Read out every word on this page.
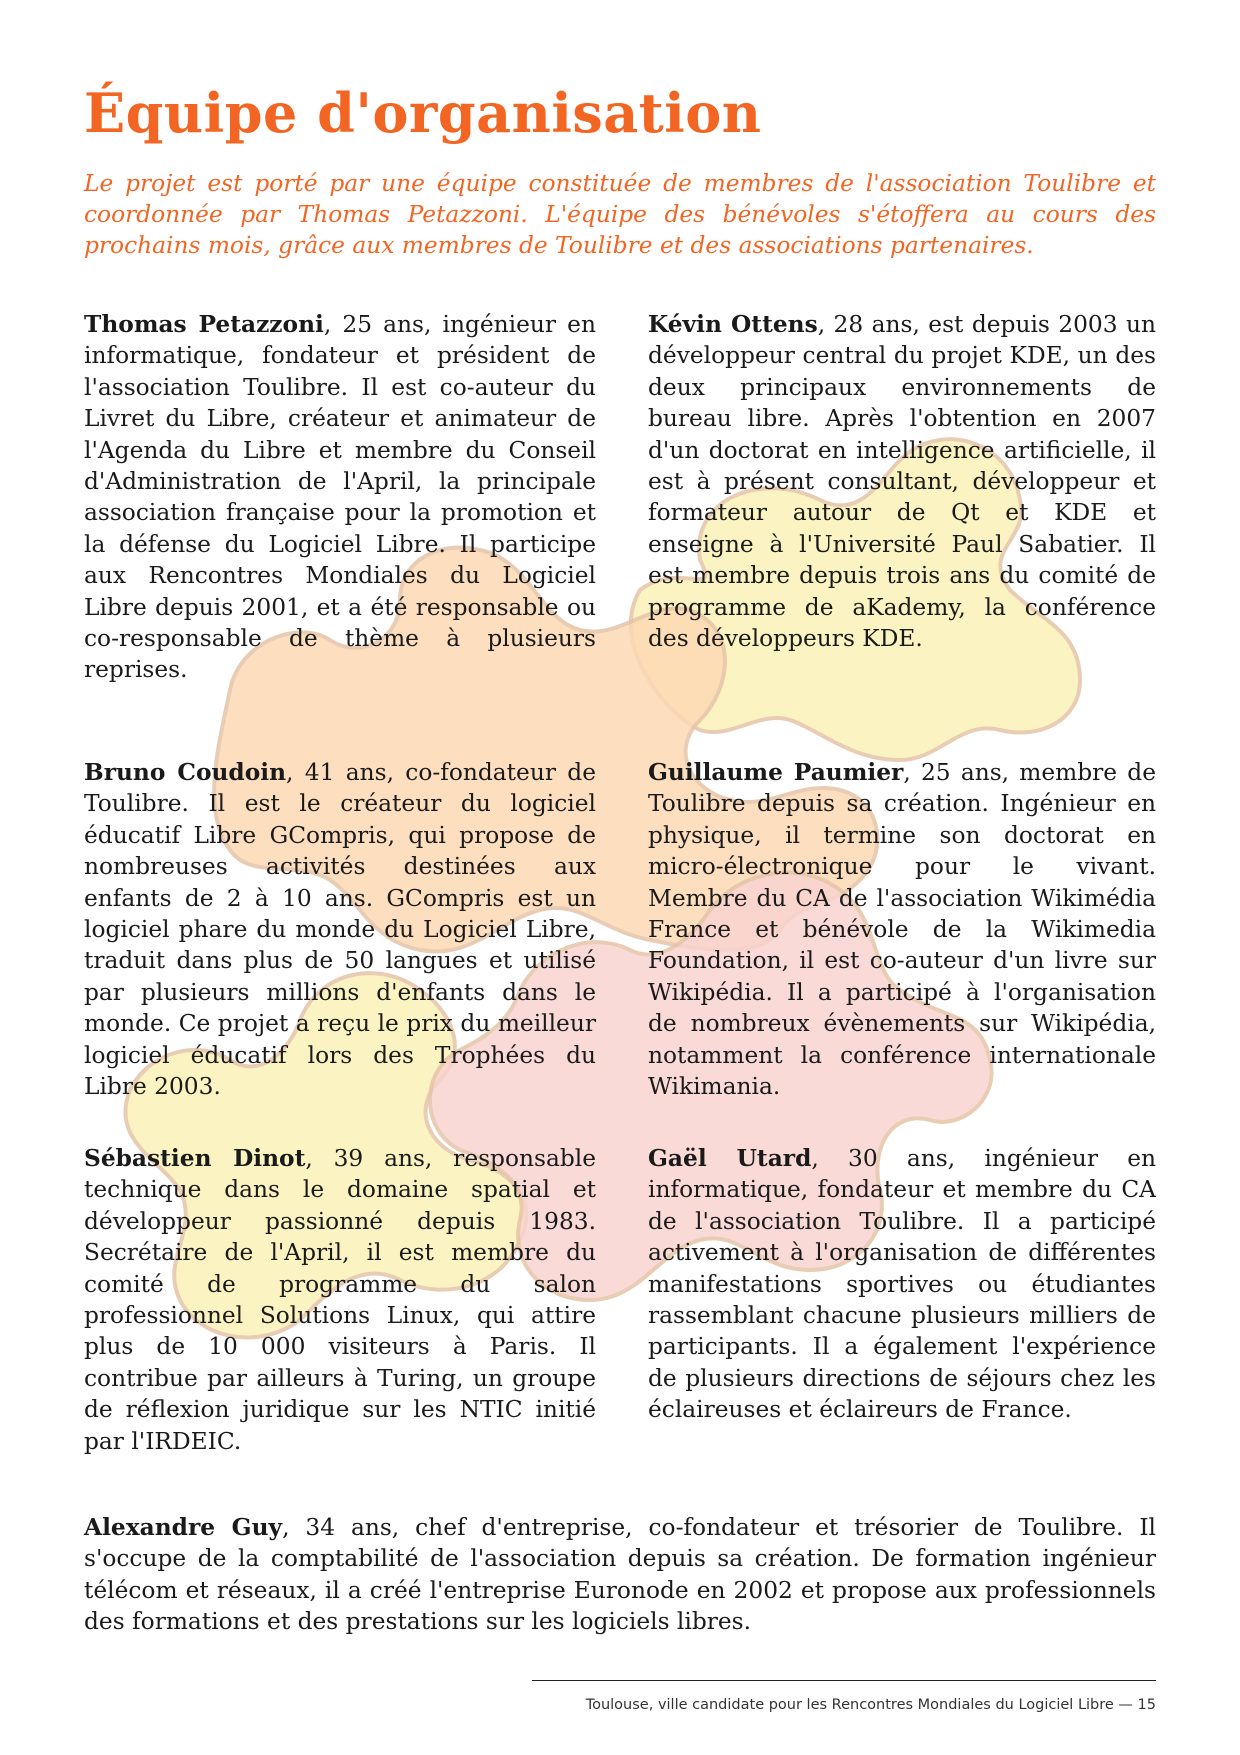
Équipe d'organisation

Le projet est porté par une équipe constituée de membres de l'association Toulibre et coordonnée par Thomas Petazzoni. L'équipe des bénévoles s'étoffera au cours des prochains mois, grâce aux membres de Toulibre et des associations partenaires.

Thomas Petazzoni, 25 ans, ingénieur en informatique, fondateur et président de l'association Toulibre. Il est co-auteur du Livret du Libre, créateur et animateur de l'Agenda du Libre et membre du Conseil d'Administration de l'April, la principale association française pour la promotion et la défense du Logiciel Libre. Il participe aux Rencontres Mondiales du Logiciel Libre depuis 2001, et a été responsable ou co-responsable de thème à plusieurs reprises.

Kévin Ottens, 28 ans, est depuis 2003 un développeur central du projet KDE, un des deux principaux environnements de bureau libre. Après l'obtention en 2007 d'un doctorat en intelligence artificielle, il est à présent consultant, développeur et formateur autour de Qt et KDE et enseigne à l'Université Paul Sabatier. Il est membre depuis trois ans du comité de programme de aKademy, la conférence des développeurs KDE.

Bruno Coudoin, 41 ans, co-fondateur de Toulibre. Il est le créateur du logiciel éducatif Libre GCompris, qui propose de nombreuses activités destinées aux enfants de 2 à 10 ans. GCompris est un logiciel phare du monde du Logiciel Libre, traduit dans plus de 50 langues et utilisé par plusieurs millions d'enfants dans le monde. Ce projet a reçu le prix du meilleur logiciel éducatif lors des Trophées du Libre 2003.

Guillaume Paumier, 25 ans, membre de Toulibre depuis sa création. Ingénieur en physique, il termine son doctorat en micro-électronique pour le vivant. Membre du CA de l'association Wikimédia France et bénévole de la Wikimedia Foundation, il est co-auteur d'un livre sur Wikipédia. Il a participé à l'organisation de nombreux évènements sur Wikipédia, notamment la conférence internationale Wikimania.

Sébastien Dinot, 39 ans, responsable technique dans le domaine spatial et développeur passionné depuis 1983. Secrétaire de l'April, il est membre du comité de programme du salon professionnel Solutions Linux, qui attire plus de 10 000 visiteurs à Paris. Il contribue par ailleurs à Turing, un groupe de réflexion juridique sur les NTIC initié par l'IRDEIC.

Gaël Utard, 30 ans, ingénieur en informatique, fondateur et membre du CA de l'association Toulibre. Il a participé activement à l'organisation de différentes manifestations sportives ou étudiantes rassemblant chacune plusieurs milliers de participants. Il a également l'expérience de plusieurs directions de séjours chez les éclaireuses et éclaireurs de France.

Alexandre Guy, 34 ans, chef d'entreprise, co-fondateur et trésorier de Toulibre. Il s'occupe de la comptabilité de l'association depuis sa création. De formation ingénieur télécom et réseaux, il a créé l'entreprise Euronode en 2002 et propose aux professionnels des formations et des prestations sur les logiciels libres.

Toulouse, ville candidate pour les Rencontres Mondiales du Logiciel Libre — 15
